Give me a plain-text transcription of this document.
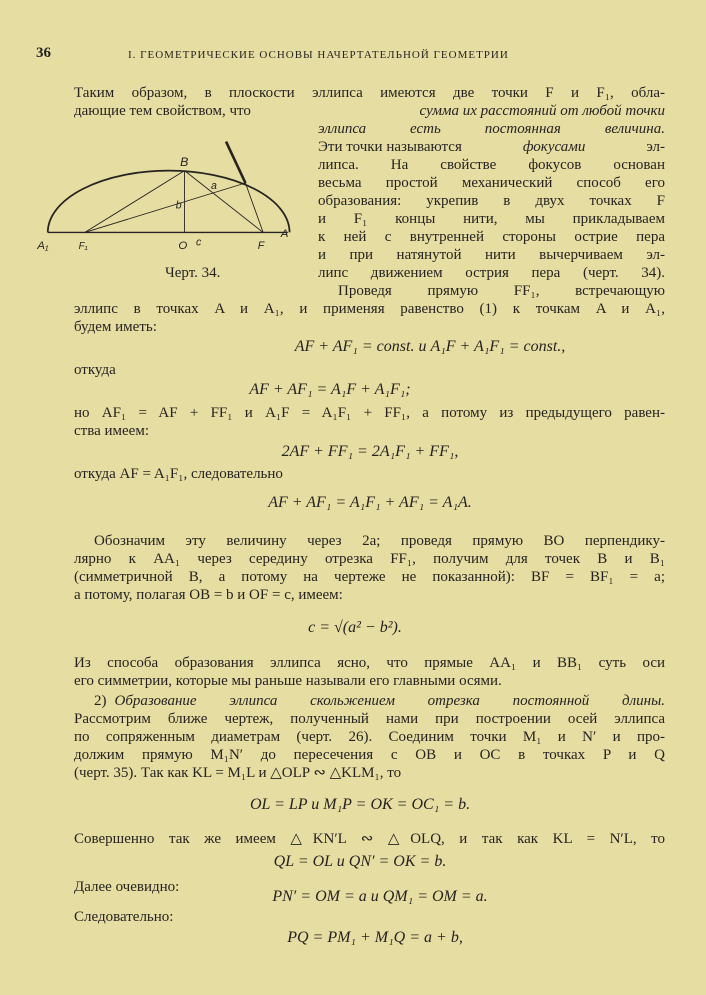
36	I. ГЕОМЕТРИЧЕСКИЕ ОСНОВЫ НАЧЕРТАТЕЛЬНОЙ ГЕОМЕТРИИ
Таким образом, в плоскости эллипса имеются две точки F и F₁, обла-
дающие тем свойством, что	сумма их расстояний от любой точки
эллипса есть постоянная величина.
Эти точки называются	фокусами	эл-
липса. На свойстве фокусов основан
весьма простой механический способ его
образования: укрепив в двух точках F
и F₁ концы нити, мы прикладываем
к ней с внутренней стороны острие пера
и при натянутой нити вычерчиваем эл-
липс движением острия пера (черт. 34).
Проведя прямую FF₁, встречающую
эллипс в точках A и A₁, и применяя равенство (1) к точкам A и A₁,
будем иметь:
B
a
b
A₁	F₁	O c	F
A
Черт. 34.
AF + AF₁ = const. и A₁F + A₁F₁ = const.,
откуда
AF + AF₁ = A₁F + A₁F₁;
но AF₁ = AF + FF₁ и A₁F = A₁F₁ + FF₁, а потому из предыдущего равен-
ства имеем:
2AF + FF₁ = 2A₁F₁ + FF₁,
откуда AF = A₁F₁, следовательно
AF + AF₁ = A₁F₁ + AF₁ = A₁A.
Обозначим эту величину через 2a; проведя прямую BO перпендику-
лярно к AA₁ через середину отрезка FF₁, получим для точек B и B₁
(симметричной B, а потому на чертеже не показанной): BF = BF₁ = a;
а потому, полагая OB = b и OF = c, имеем:
c = √(a² − b²).
Из способа образования эллипса ясно, что прямые AA₁ и BB₁ суть оси
его симметрии, которые мы раньше называли его главными осями.
2) Образование эллипса скольжением отрезка постоянной длины.
Рассмотрим ближе чертеж, полученный нами при построении осей эллипса
по сопряженным диаметрам (черт. 26). Соединим точки M₁ и N′ и про-
должим прямую M₁N′ до пересечения с OB и OC в точках P и Q
(черт. 35). Так как KL = M₁L и △OLP ∾ △KLM₁, то
OL = LP и M₁P = OK = OC₁ = b.
Совершенно так же имеем △KN′L ∾ △OLQ, и так как KL = N′L, то
QL = OL и QN′ = OK = b.
Далее очевидно:
PN′ = OM = a и QM₁ = OM = a.
Следовательно:
PQ = PM₁ + M₁Q = a + b,
